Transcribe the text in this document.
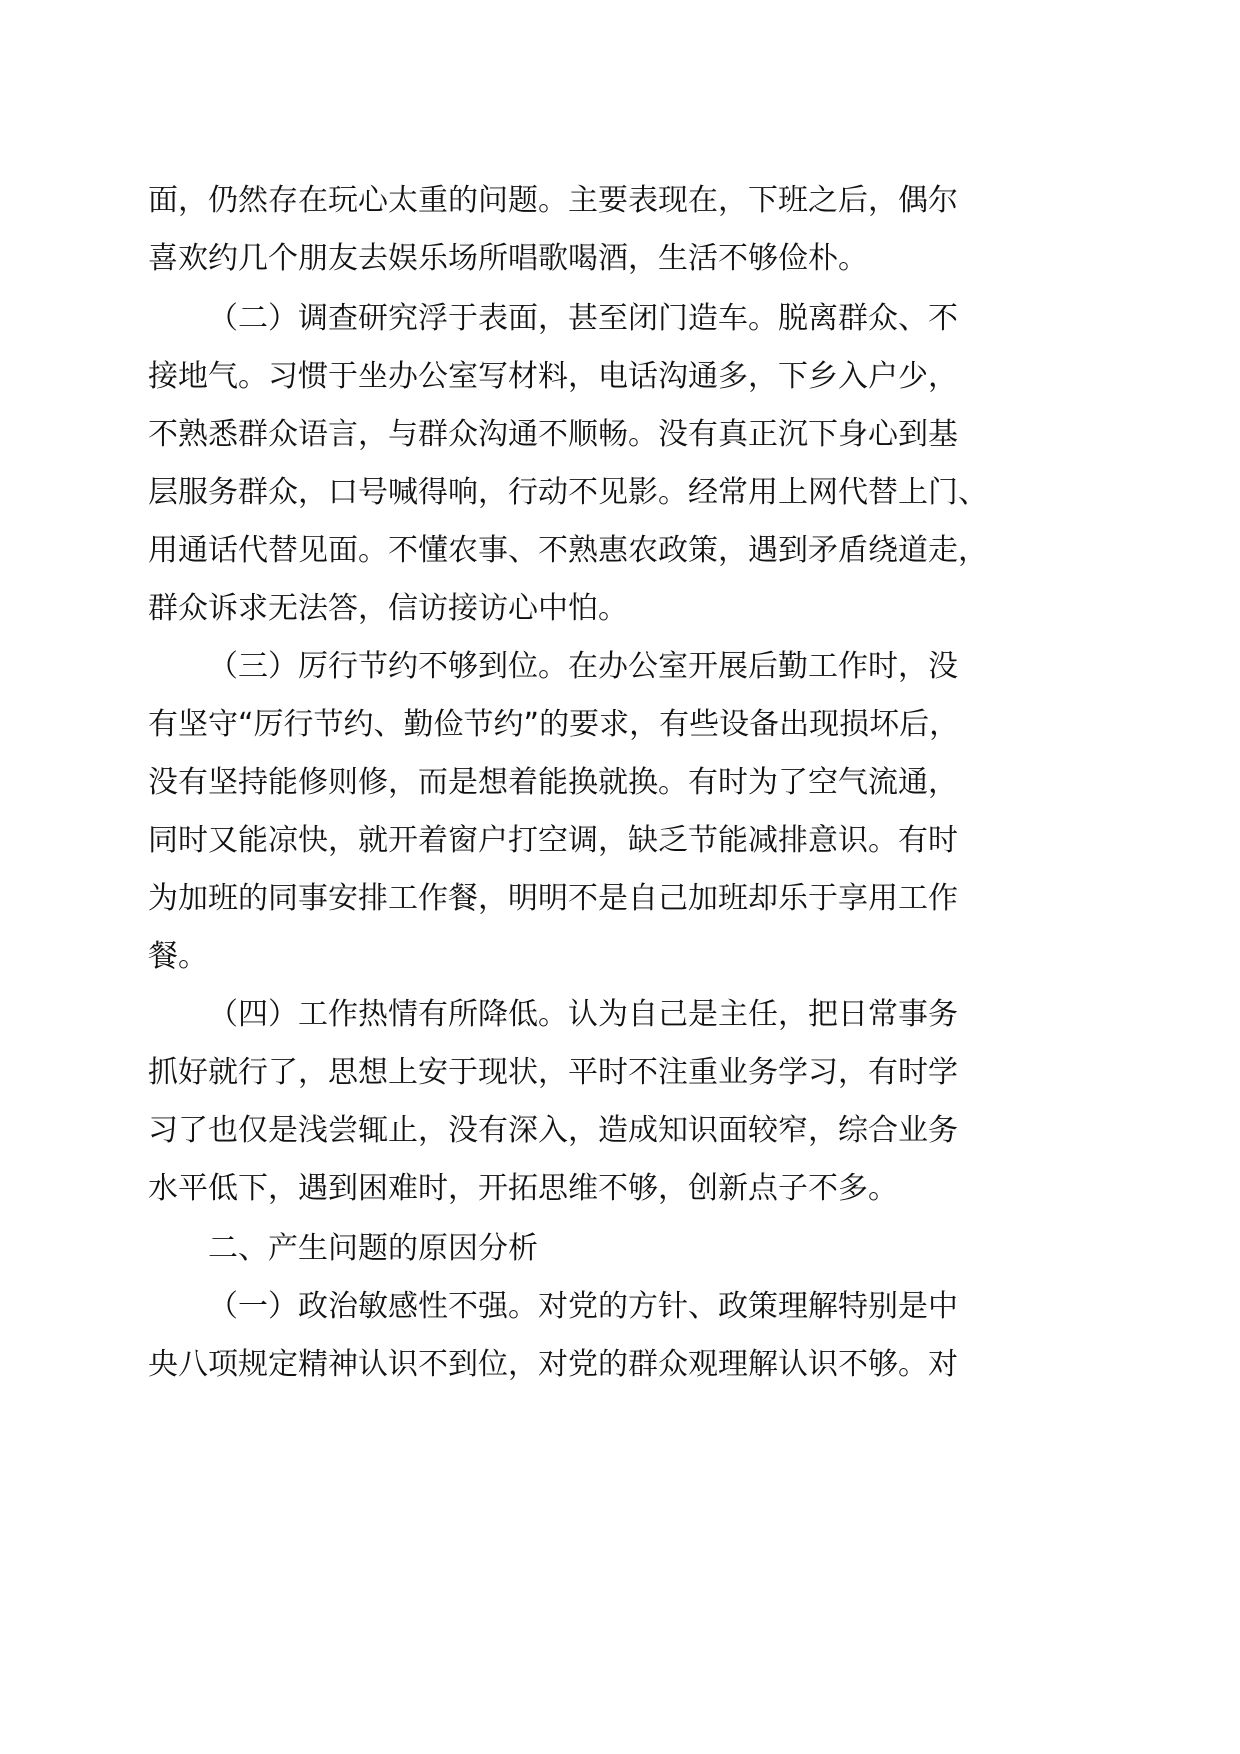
面，仍然存在玩心太重的问题。主要表现在，下班之后，偶尔
喜欢约几个朋友去娱乐场所唱歌喝酒，生活不够俭朴。
（二）调查研究浮于表面，甚至闭门造车。脱离群众、不
接地气。习惯于坐办公室写材料，电话沟通多，下乡入户少，
不熟悉群众语言，与群众沟通不顺畅。没有真正沉下身心到基
层服务群众，口号喊得响，行动不见影。经常用上网代替上门、
用通话代替见面。不懂农事、不熟惠农政策，遇到矛盾绕道走，
群众诉求无法答，信访接访心中怕。
（三）厉行节约不够到位。在办公室开展后勤工作时，没
有坚守“厉行节约、勤俭节约”的要求，有些设备出现损坏后，
没有坚持能修则修，而是想着能换就换。有时为了空气流通，
同时又能凉快，就开着窗户打空调，缺乏节能减排意识。有时
为加班的同事安排工作餐，明明不是自己加班却乐于享用工作
餐。
（四）工作热情有所降低。认为自己是主任，把日常事务
抓好就行了，思想上安于现状，平时不注重业务学习，有时学
习了也仅是浅尝辄止，没有深入，造成知识面较窄，综合业务
水平低下，遇到困难时，开拓思维不够，创新点子不多。
二、产生问题的原因分析
（一）政治敏感性不强。对党的方针、政策理解特别是中
央八项规定精神认识不到位，对党的群众观理解认识不够。对
